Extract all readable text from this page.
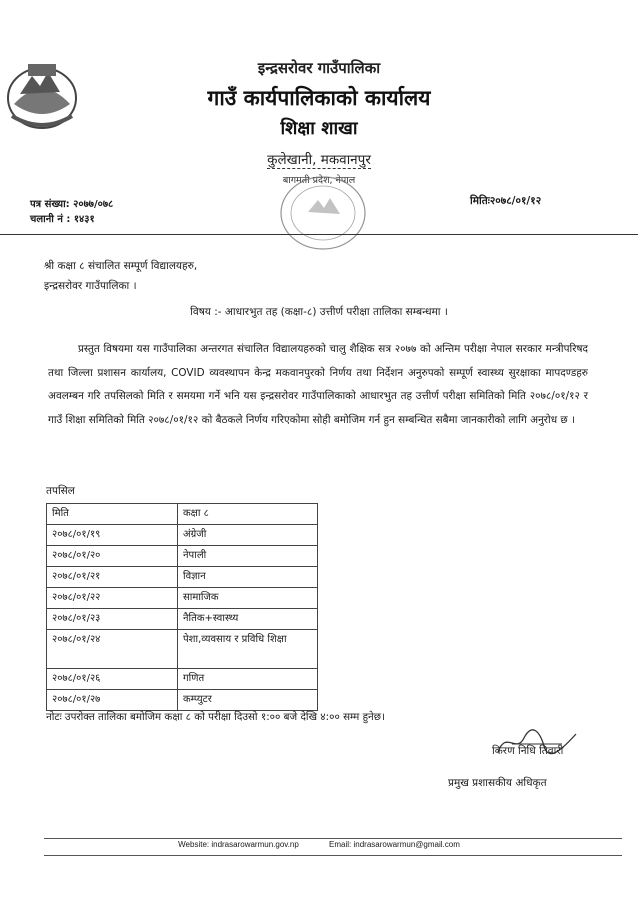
इन्द्रसरोवर गाउँपालिका
गाउँ कार्यपालिकाको कार्यालय
शिक्षा शाखा
कुलेखानी, मकवानपुर
बागमती प्रदेश, नेपाल
पत्र संख्या: २०७७/०७८
चलानी नं : १४३१
मितिः२०७८/०१/१२
श्री कक्षा ८ संचालित सम्पूर्ण विद्यालयहरु,
इन्द्रसरोवर गाउँपालिका ।
विषय :- आधारभुत तह (कक्षा-८) उत्तीर्ण परीक्षा तालिका सम्बन्धमा ।
प्रस्तुत विषयमा यस गाउँपालिका अन्तरगत संचालित विद्यालयहरुको चालु शैक्षिक सत्र २०७७ को अन्तिम परीक्षा नेपाल सरकार मन्त्रीपरिषद तथा जिल्ला प्रशासन कार्यालय, COVID व्यवस्थापन केन्द्र मकवानपुरको निर्णय तथा निर्देशन अनुरुपको सम्पूर्ण स्वास्थ्य सुरक्षाका मापदण्डहरु अवलम्बन गरि तपसिलको मिति र समयमा गर्ने भनि यस इन्द्रसरोवर गाउँपालिकाको आधारभुत तह उत्तीर्ण परीक्षा समितिको मिति २०७८/०१/१२ र गाउँ शिक्षा समितिको मिति २०७८/०१/१२ को बैठकले निर्णय गरिएकोमा सोही बमोजिम गर्न हुन सम्बन्धित सबैमा जानकारीको लागि अनुरोध छ ।
तपसिल
मिति	कक्षा ८
२०७८/०१/१९	अंग्रेजी
२०७८/०१/२०	नेपाली
२०७८/०१/२१	विज्ञान
२०७८/०१/२२	सामाजिक
२०७८/०१/२३	नैतिक+स्वास्थ्य
२०७८/०१/२४	पेशा,व्यवसाय र प्रविधि शिक्षा
२०७८/०१/२६	गणित
२०७८/०१/२७	कम्प्युटर
नोटः उपरोक्त तालिका बमोजिम कक्षा ८ को परीक्षा दिउसो १:०० बजे देखि ४:०० सम्म हुनेछ।
किरण निधि तिवारी
प्रमुख प्रशासकीय अधिकृत
Website: indrasarowarmun.gov.np	Email: indrasarowarmun@gmail.com
